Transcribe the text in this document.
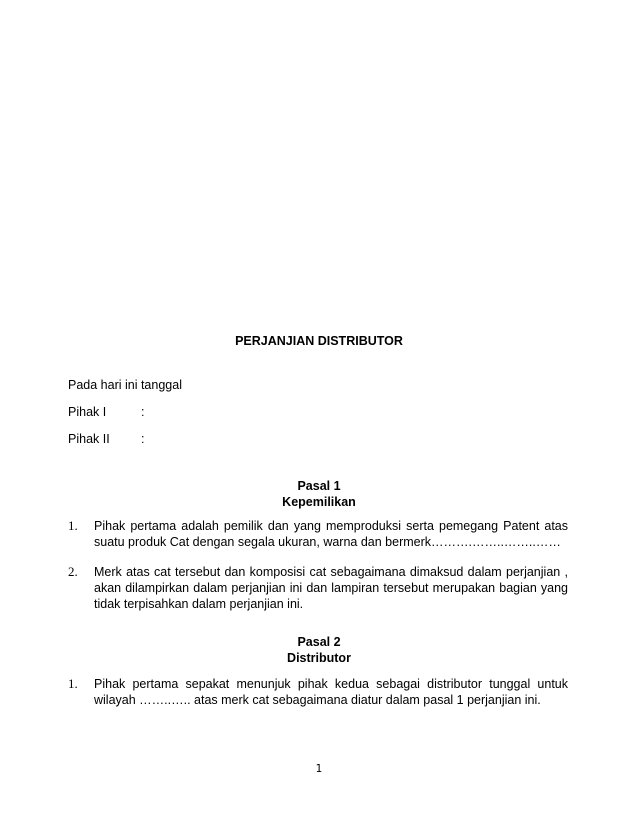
PERJANJIAN DISTRIBUTOR
Pada hari ini tanggal
Pihak I	:
Pihak II	:
Pasal 1
Kepemilikan
1. Pihak pertama adalah pemilik dan yang memproduksi serta pemegang Patent atas suatu produk Cat dengan segala ukuran, warna dan bermerk……….……..……..……
2. Merk atas cat tersebut dan komposisi cat sebagaimana dimaksud dalam perjanjian , akan dilampirkan dalam perjanjian ini dan lampiran tersebut merupakan bagian yang tidak terpisahkan dalam perjanjian ini.
Pasal 2
Distributor
1. Pihak pertama sepakat menunjuk pihak kedua sebagai distributor tunggal untuk wilayah ……..….. atas merk cat sebagaimana diatur dalam pasal 1 perjanjian ini.
1
